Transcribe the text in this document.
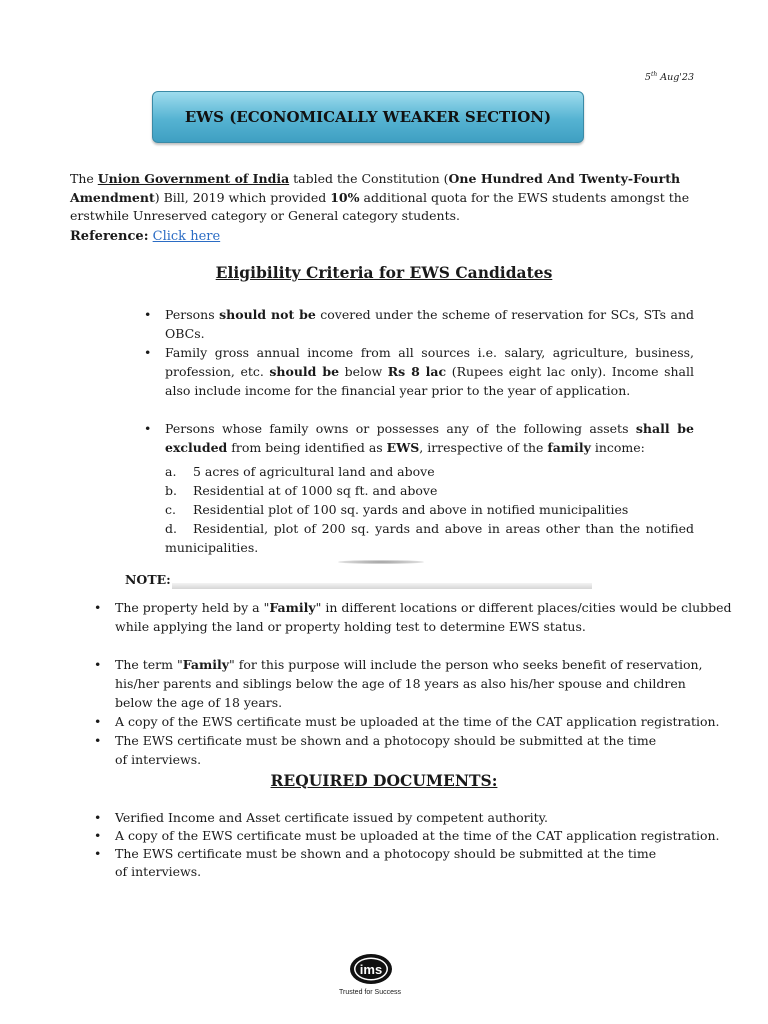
5th Aug'23
EWS (ECONOMICALLY WEAKER SECTION)
The Union Government of India tabled the Constitution (One Hundred And Twenty-Fourth Amendment) Bill, 2019 which provided 10% additional quota for the EWS students amongst the erstwhile Unreserved category or General category students.
Reference: Click here
Eligibility Criteria for EWS Candidates
• Persons should not be covered under the scheme of reservation for SCs, STs and OBCs.
• Family gross annual income from all sources i.e. salary, agriculture, business, profession, etc. should be below Rs 8 lac (Rupees eight lac only). Income shall also include income for the financial year prior to the year of application.
• Persons whose family owns or possesses any of the following assets shall be excluded from being identified as EWS, irrespective of the family income:
a. 5 acres of agricultural land and above
b. Residential at of 1000 sq ft. and above
c. Residential plot of 100 sq. yards and above in notified municipalities
d. Residential, plot of 200 sq. yards and above in areas other than the notified municipalities.
NOTE:
• The property held by a "Family" in different locations or different places/cities would be clubbed while applying the land or property holding test to determine EWS status.
• The term "Family" for this purpose will include the person who seeks benefit of reservation, his/her parents and siblings below the age of 18 years as also his/her spouse and children below the age of 18 years.
• A copy of the EWS certificate must be uploaded at the time of the CAT application registration.
• The EWS certificate must be shown and a photocopy should be submitted at the time of interviews.
REQUIRED DOCUMENTS:
• Verified Income and Asset certificate issued by competent authority.
• A copy of the EWS certificate must be uploaded at the time of the CAT application registration.
• The EWS certificate must be shown and a photocopy should be submitted at the time of interviews.
ims
Trusted for Success
